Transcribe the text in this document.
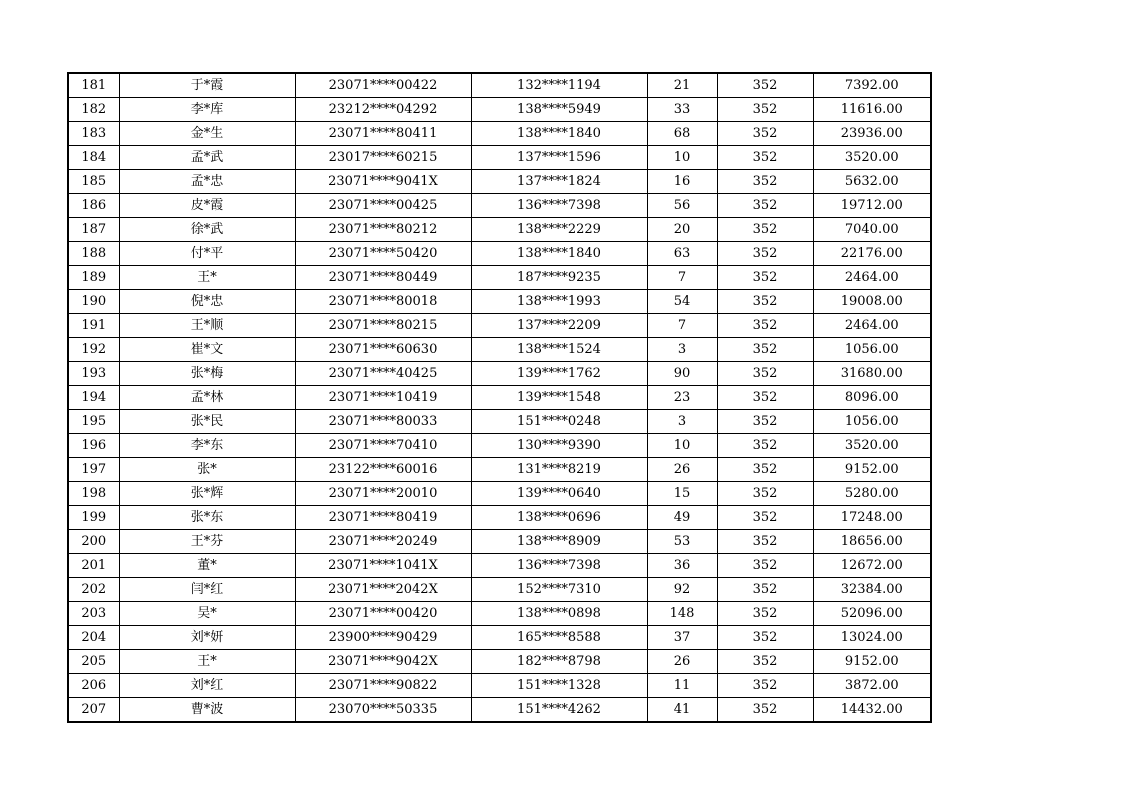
181	于*霞	23071****00422	132****1194	21	352	7392.00
182	李*库	23212****04292	138****5949	33	352	11616.00
183	金*生	23071****80411	138****1840	68	352	23936.00
184	孟*武	23017****60215	137****1596	10	352	3520.00
185	孟*忠	23071****9041X	137****1824	16	352	5632.00
186	皮*霞	23071****00425	136****7398	56	352	19712.00
187	徐*武	23071****80212	138****2229	20	352	7040.00
188	付*平	23071****50420	138****1840	63	352	22176.00
189	王*	23071****80449	187****9235	7	352	2464.00
190	倪*忠	23071****80018	138****1993	54	352	19008.00
191	王*顺	23071****80215	137****2209	7	352	2464.00
192	崔*文	23071****60630	138****1524	3	352	1056.00
193	张*梅	23071****40425	139****1762	90	352	31680.00
194	孟*林	23071****10419	139****1548	23	352	8096.00
195	张*民	23071****80033	151****0248	3	352	1056.00
196	李*东	23071****70410	130****9390	10	352	3520.00
197	张*	23122****60016	131****8219	26	352	9152.00
198	张*辉	23071****20010	139****0640	15	352	5280.00
199	张*东	23071****80419	138****0696	49	352	17248.00
200	王*芬	23071****20249	138****8909	53	352	18656.00
201	董*	23071****1041X	136****7398	36	352	12672.00
202	闫*红	23071****2042X	152****7310	92	352	32384.00
203	吴*	23071****00420	138****0898	148	352	52096.00
204	刘*妍	23900****90429	165****8588	37	352	13024.00
205	王*	23071****9042X	182****8798	26	352	9152.00
206	刘*红	23071****90822	151****1328	11	352	3872.00
207	曹*波	23070****50335	151****4262	41	352	14432.00
